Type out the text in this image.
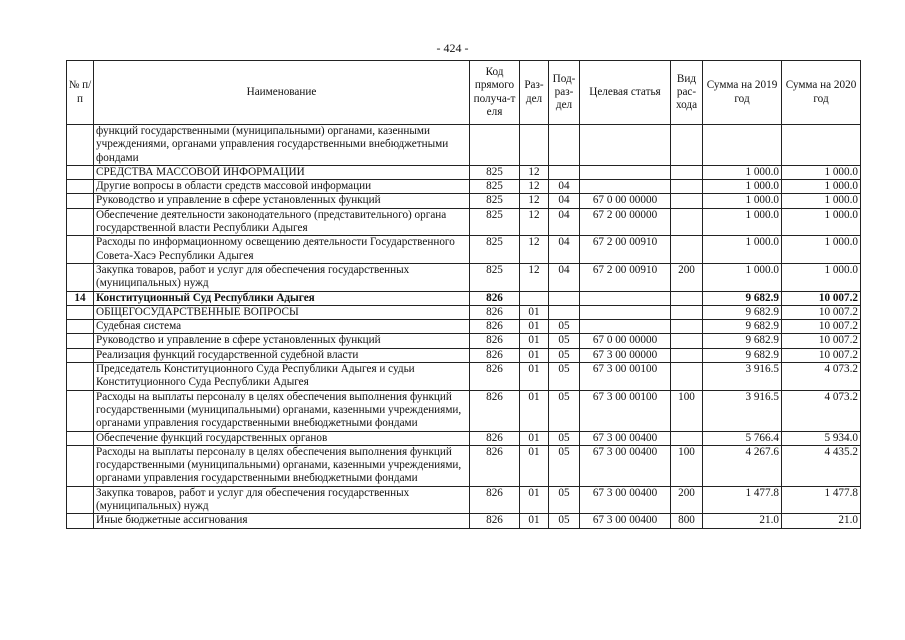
- 424 -
№ п/п	Наименование	Код прямого получа-т еля	Раз- дел	Под- раз- дел	Целевая статья	Вид рас- хода	Сумма на 2019 год	Сумма на 2020 год
	функций государственными (муниципальными) органами, казенными учреждениями, органами управления государственными внебюджетными фондами							
	СРЕДСТВА МАССОВОЙ ИНФОРМАЦИИ	825	12				1 000.0	1 000.0
	Другие вопросы в области средств массовой информации	825	12	04			1 000.0	1 000.0
	Руководство и управление в сфере установленных функций	825	12	04	67 0 00 00000		1 000.0	1 000.0
	Обеспечение деятельности законодательного (представительного) органа государственной власти Республики Адыгея	825	12	04	67 2 00 00000		1 000.0	1 000.0
	Расходы по информационному освещению деятельности Государственного Совета-Хасэ Республики Адыгея	825	12	04	67 2 00 00910		1 000.0	1 000.0
	Закупка товаров, работ и услуг для обеспечения государственных (муниципальных) нужд	825	12	04	67 2 00 00910	200	1 000.0	1 000.0
14	Конституционный Суд Республики Адыгея	826					9 682.9	10 007.2
	ОБЩЕГОСУДАРСТВЕННЫЕ ВОПРОСЫ	826	01				9 682.9	10 007.2
	Судебная система	826	01	05			9 682.9	10 007.2
	Руководство и управление в сфере установленных функций	826	01	05	67 0 00 00000		9 682.9	10 007.2
	Реализация функций государственной судебной власти	826	01	05	67 3 00 00000		9 682.9	10 007.2
	Председатель Конституционного Суда Республики Адыгея и судьи Конституционного Суда Республики Адыгея	826	01	05	67 3 00 00100		3 916.5	4 073.2
	Расходы на выплаты персоналу в целях обеспечения выполнения функций государственными (муниципальными) органами, казенными учреждениями, органами управления государственными внебюджетными фондами	826	01	05	67 3 00 00100	100	3 916.5	4 073.2
	Обеспечение функций государственных органов	826	01	05	67 3 00 00400		5 766.4	5 934.0
	Расходы на выплаты персоналу в целях обеспечения выполнения функций государственными (муниципальными) органами, казенными учреждениями, органами управления государственными внебюджетными фондами	826	01	05	67 3 00 00400	100	4 267.6	4 435.2
	Закупка товаров, работ и услуг для обеспечения государственных (муниципальных) нужд	826	01	05	67 3 00 00400	200	1 477.8	1 477.8
	Иные бюджетные ассигнования	826	01	05	67 3 00 00400	800	21.0	21.0
